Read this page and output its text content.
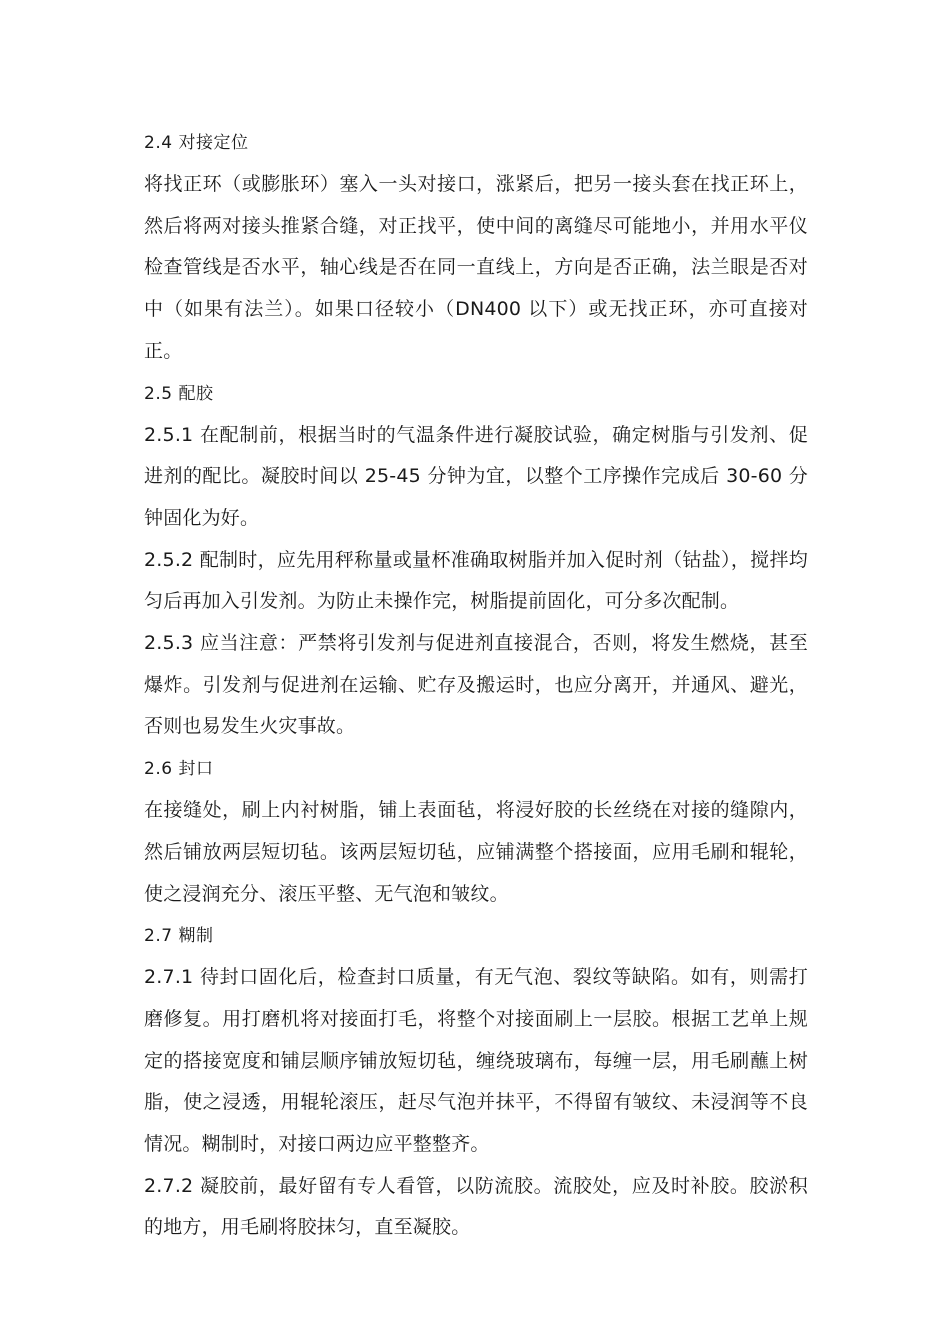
2.4 对接定位

将找正环（或膨胀环）塞入一头对接口，涨紧后，把另一接头套在找正环上，然后将两对接头推紧合缝，对正找平，使中间的离缝尽可能地小，并用水平仪检查管线是否水平，轴心线是否在同一直线上，方向是否正确，法兰眼是否对中（如果有法兰）。如果口径较小（DN400 以下）或无找正环，亦可直接对正。

2.5 配胶

2.5.1 在配制前，根据当时的气温条件进行凝胶试验，确定树脂与引发剂、促进剂的配比。凝胶时间以 25-45 分钟为宜，以整个工序操作完成后 30-60 分钟固化为好。

2.5.2 配制时，应先用秤称量或量杯准确取树脂并加入促时剂（钴盐），搅拌均匀后再加入引发剂。为防止未操作完，树脂提前固化，可分多次配制。

2.5.3 应当注意：严禁将引发剂与促进剂直接混合，否则，将发生燃烧，甚至爆炸。引发剂与促进剂在运输、贮存及搬运时，也应分离开，并通风、避光，否则也易发生火灾事故。

2.6 封口

在接缝处，刷上内衬树脂，铺上表面毡，将浸好胶的长丝绕在对接的缝隙内，然后铺放两层短切毡。该两层短切毡，应铺满整个搭接面，应用毛刷和辊轮，使之浸润充分、滚压平整、无气泡和皱纹。

2.7 糊制

2.7.1 待封口固化后，检查封口质量，有无气泡、裂纹等缺陷。如有，则需打磨修复。用打磨机将对接面打毛，将整个对接面刷上一层胶。根据工艺单上规定的搭接宽度和铺层顺序铺放短切毡，缠绕玻璃布，每缠一层，用毛刷蘸上树脂，使之浸透，用辊轮滚压，赶尽气泡并抹平，不得留有皱纹、未浸润等不良情况。糊制时，对接口两边应平整整齐。

2.7.2 凝胶前，最好留有专人看管，以防流胶。流胶处，应及时补胶。胶淤积的地方，用毛刷将胶抹匀，直至凝胶。
